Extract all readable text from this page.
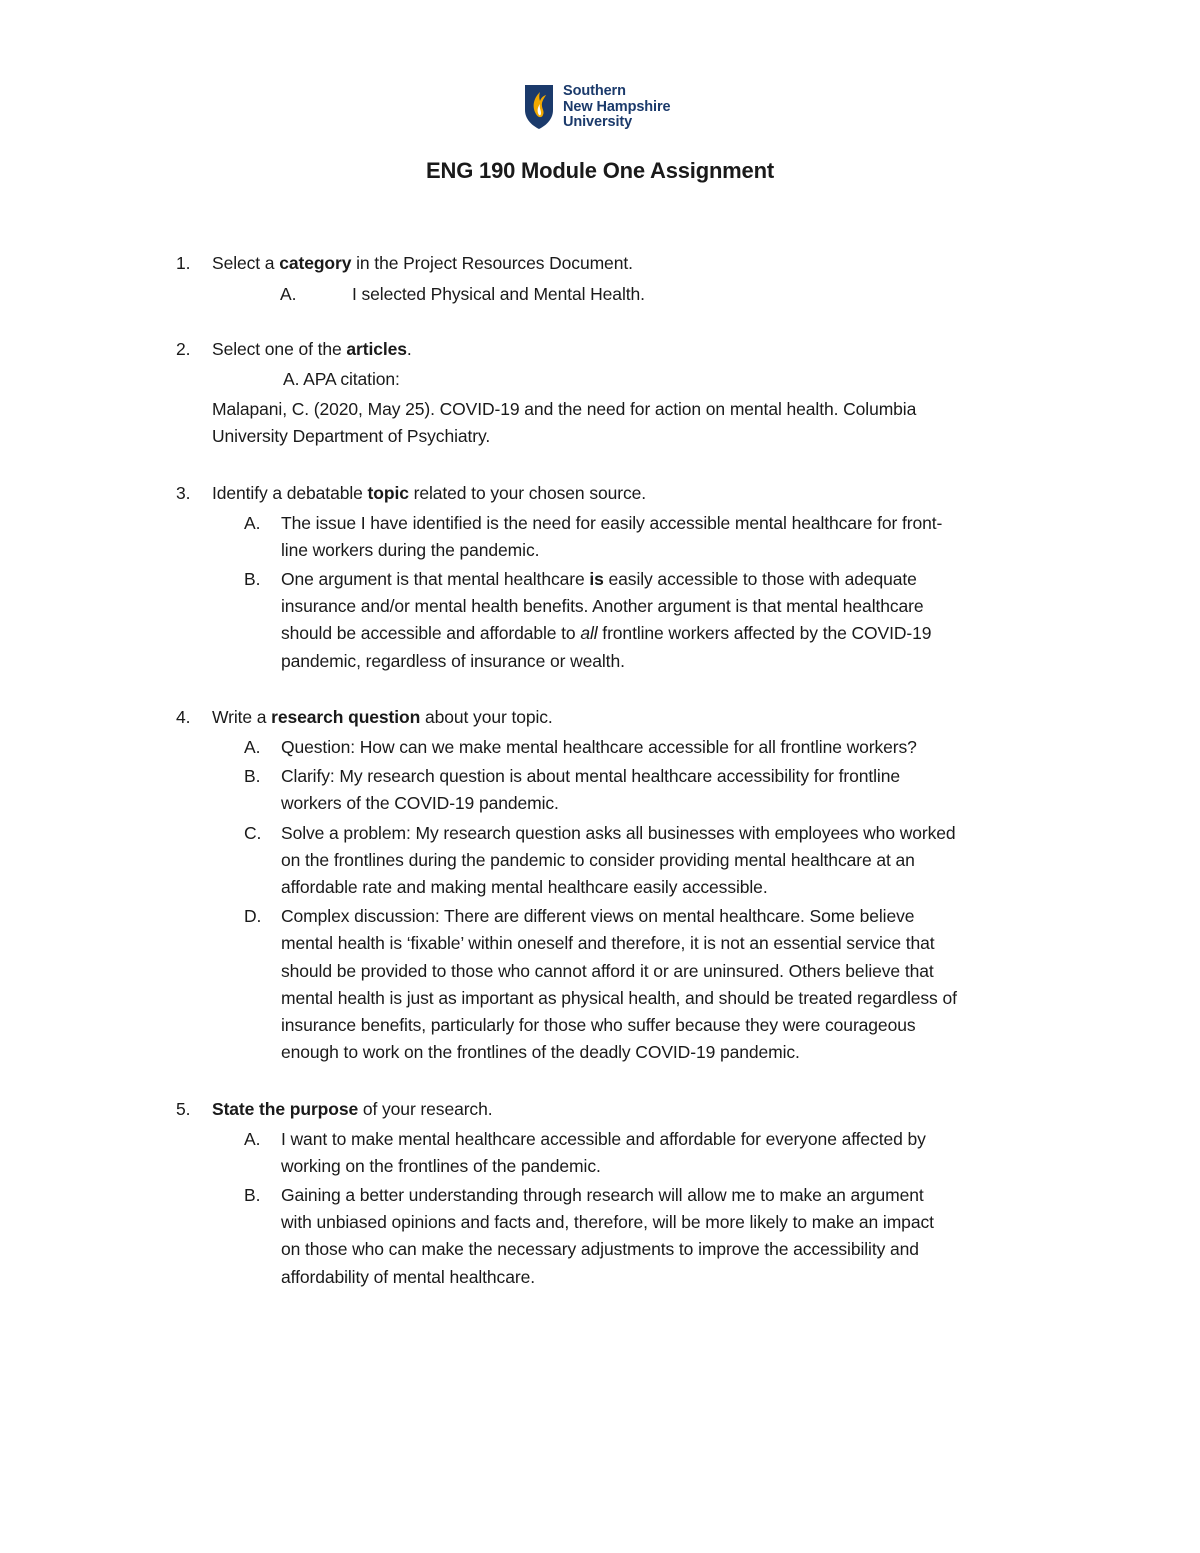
Southern
New Hampshire
University
ENG 190 Module One Assignment
1. Select a category in the Project Resources Document.
A.	I selected Physical and Mental Health.
2. Select one of the articles.
A. APA citation:
Malapani, C. (2020, May 25). COVID-19 and the need for action on mental health. Columbia
University Department of Psychiatry.
3. Identify a debatable topic related to your chosen source.
A. The issue I have identified is the need for easily accessible mental healthcare for front-
line workers during the pandemic.
B. One argument is that mental healthcare is easily accessible to those with adequate
insurance and/or mental health benefits. Another argument is that mental healthcare
should be accessible and affordable to all frontline workers affected by the COVID-19
pandemic, regardless of insurance or wealth.
4. Write a research question about your topic.
A. Question: How can we make mental healthcare accessible for all frontline workers?
B. Clarify: My research question is about mental healthcare accessibility for frontline
workers of the COVID-19 pandemic.
C. Solve a problem: My research question asks all businesses with employees who worked
on the frontlines during the pandemic to consider providing mental healthcare at an
affordable rate and making mental healthcare easily accessible.
D. Complex discussion: There are different views on mental healthcare. Some believe
mental health is ‘fixable’ within oneself and therefore, it is not an essential service that
should be provided to those who cannot afford it or are uninsured. Others believe that
mental health is just as important as physical health, and should be treated regardless of
insurance benefits, particularly for those who suffer because they were courageous
enough to work on the frontlines of the deadly COVID-19 pandemic.
5. State the purpose of your research.
A. I want to make mental healthcare accessible and affordable for everyone affected by
working on the frontlines of the pandemic.
B. Gaining a better understanding through research will allow me to make an argument
with unbiased opinions and facts and, therefore, will be more likely to make an impact
on those who can make the necessary adjustments to improve the accessibility and
affordability of mental healthcare.
